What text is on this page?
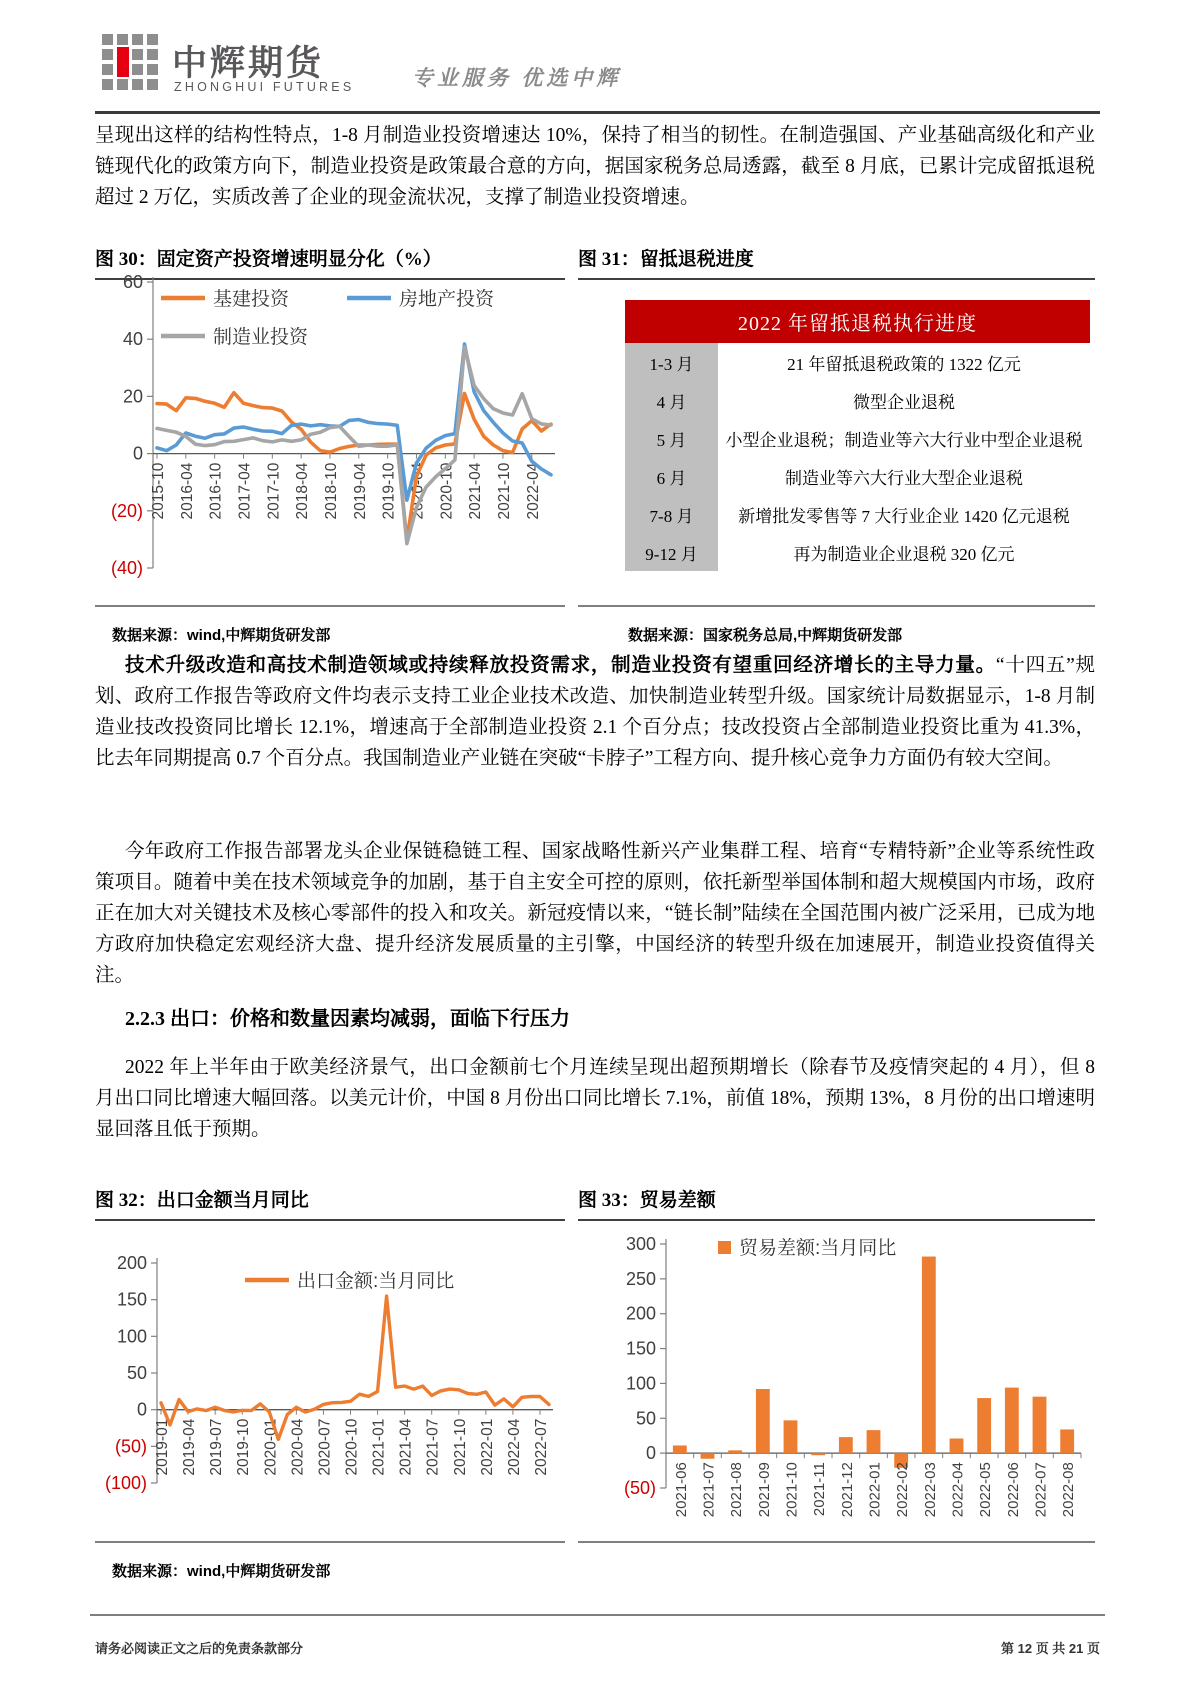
中辉期货
ZHONGHUI FUTURES	专业服务 优选中辉
呈现出这样的结构性特点，1-8 月制造业投资增速达 10%，保持了相当的韧性。在制造强国、产业基础高级化和产业链现代化的政策方向下，制造业投资是政策最合意的方向，据国家税务总局透露，截至 8 月底，已累计完成留抵退税超过 2 万亿，实质改善了企业的现金流状况，支撑了制造业投资增速。
图 30：固定资产投资增速明显分化（%）	图 31：留抵退税进度
60
40
20
0
(20)
(40)
2015-10 2016-04 2016-10 2017-04 2017-10 2018-04 2018-10 2019-04 2019-10 2020-04 2020-10 2021-04 2021-10 2022-04
基建投资	房地产投资
制造业投资
2022 年留抵退税执行进度
1-3 月	21 年留抵退税政策的 1322 亿元
4 月	微型企业退税
5 月	小型企业退税；制造业等六大行业中型企业退税
6 月	制造业等六大行业大型企业退税
7-8 月	新增批发零售等 7 大行业企业 1420 亿元退税
9-12 月	再为制造业企业退税 320 亿元
数据来源：wind,中辉期货研发部	数据来源：国家税务总局,中辉期货研发部
技术升级改造和高技术制造领域或持续释放投资需求，制造业投资有望重回经济增长的主导力量。“十四五”规划、政府工作报告等政府文件均表示支持工业企业技术改造、加快制造业转型升级。国家统计局数据显示，1-8 月制造业技改投资同比增长 12.1%，增速高于全部制造业投资 2.1 个百分点；技改投资占全部制造业投资比重为 41.3%，比去年同期提高 0.7 个百分点。我国制造业产业链在突破“卡脖子”工程方向、提升核心竞争力方面仍有较大空间。
今年政府工作报告部署龙头企业保链稳链工程、国家战略性新兴产业集群工程、培育“专精特新”企业等系统性政策项目。随着中美在技术领域竞争的加剧，基于自主安全可控的原则，依托新型举国体制和超大规模国内市场，政府正在加大对关键技术及核心零部件的投入和攻关。新冠疫情以来，“链长制”陆续在全国范围内被广泛采用，已成为地方政府加快稳定宏观经济大盘、提升经济发展质量的主引擎，中国经济的转型升级在加速展开，制造业投资值得关注。
2.2.3 出口：价格和数量因素均减弱，面临下行压力
2022 年上半年由于欧美经济景气，出口金额前七个月连续呈现出超预期增长（除春节及疫情突起的 4 月），但 8 月出口同比增速大幅回落。以美元计价，中国 8 月份出口同比增长 7.1%，前值 18%，预期 13%，8 月份的出口增速明显回落且低于预期。
图 32：出口金额当月同比	图 33：贸易差额
200
150
100
50
0
(50)
(100)
2019-01 2019-04 2019-07 2019-10 2020-01 2020-04 2020-07 2020-10 2021-01 2021-04 2021-07 2021-10 2022-01 2022-04 2022-07
出口金额:当月同比
300
250
200
150
100
50
0
(50) 2021-06 2021-07 2021-08 2021-09 2021-10 2021-11 2021-12 2022-01 2022-02 2022-03 2022-04 2022-05 2022-06 2022-07 2022-08
贸易差额:当月同比
数据来源：wind,中辉期货研发部
请务必阅读正文之后的免责条款部分	第 12 页 共 21 页
